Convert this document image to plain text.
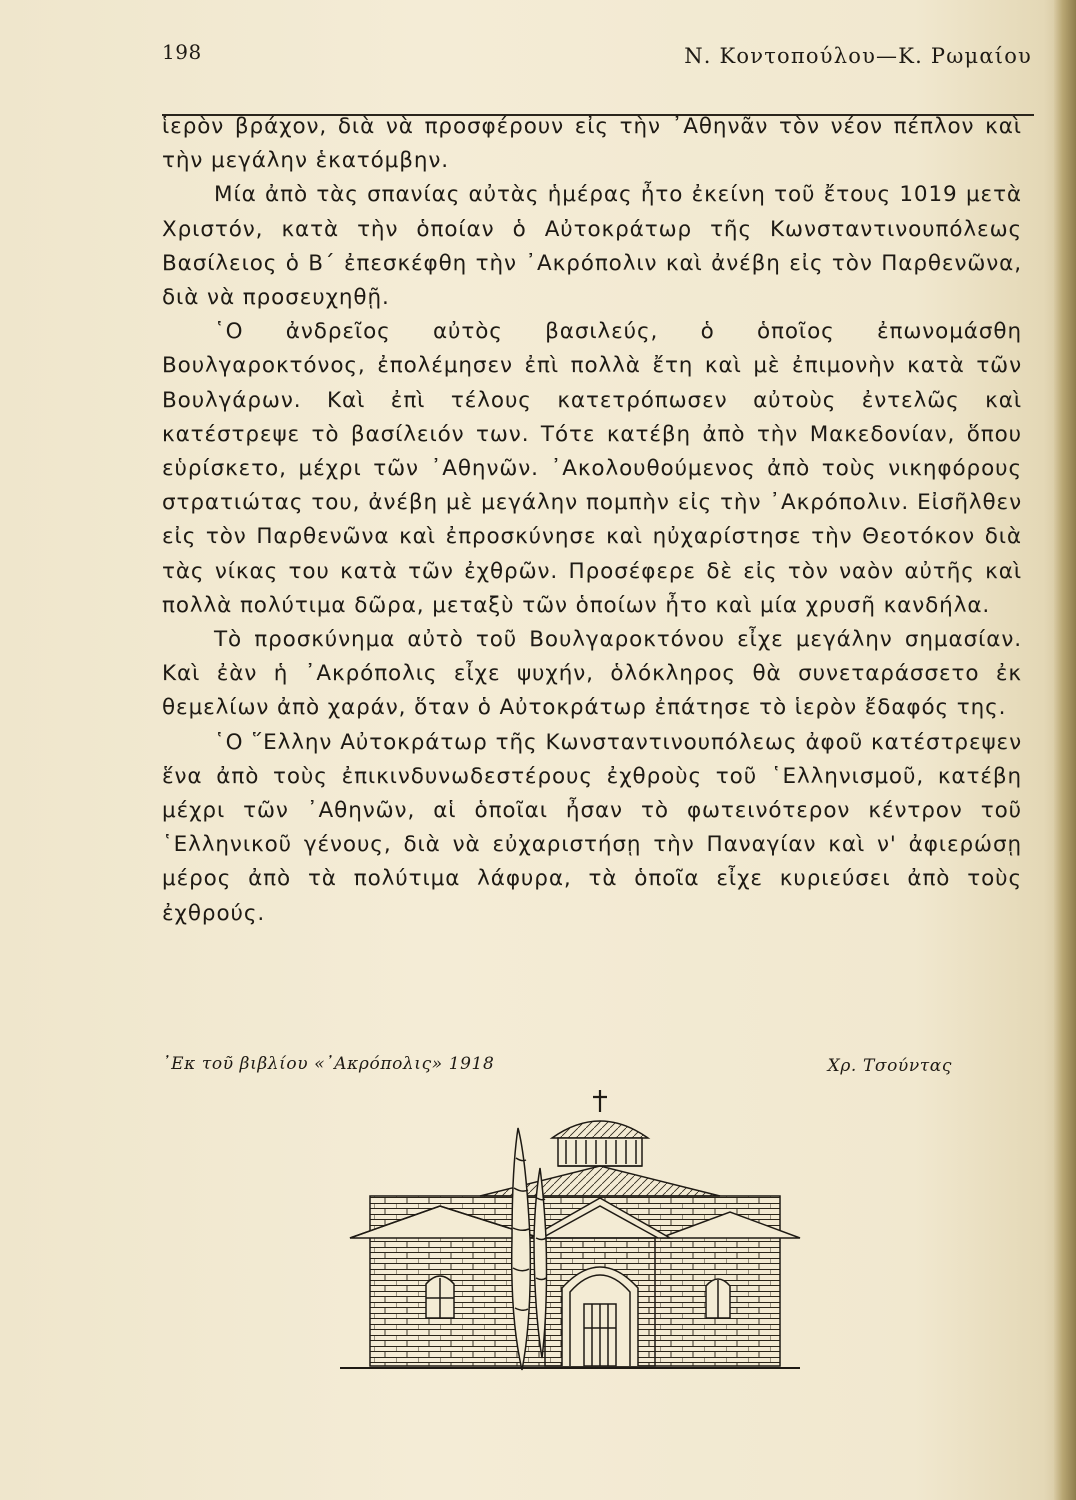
198	Ν. Κοντοπούλου—Κ. Ρωμαίου

ἱερὸν βράχον, διὰ νὰ προσφέρουν εἰς τὴν ᾿Αθηνᾶν τὸν νέον πέπλον καὶ τὴν μεγάλην ἑκατόμβην.

Μία ἀπὸ τὰς σπανίας αὐτὰς ἡμέρας ἦτο ἐκείνη τοῦ ἔτους 1019 μετὰ Χριστόν, κατὰ τὴν ὁποίαν ὁ Αὐτοκράτωρ τῆς Κωνσταντινουπόλεως Βασίλειος ὁ Β΄ ἐπεσκέφθη τὴν ᾿Ακρόπολιν καὶ ἀνέβη εἰς τὸν Παρθενῶνα, διὰ νὰ προσευχηθῇ.

῾Ο ἀνδρεῖος αὐτὸς βασιλεύς, ὁ ὁποῖος ἐπωνομάσθη Βουλγαροκτόνος, ἐπολέμησεν ἐπὶ πολλὰ ἔτη καὶ μὲ ἐπιμονὴν κατὰ τῶν Βουλγάρων. Καὶ ἐπὶ τέλους κατετρόπωσεν αὐτοὺς ἐντελῶς καὶ κατέστρεψε τὸ βασίλειόν των. Τότε κατέβη ἀπὸ τὴν Μακεδονίαν, ὅπου εὑρίσκετο, μέχρι τῶν ᾿Αθηνῶν. ᾿Ακολουθούμενος ἀπὸ τοὺς νικηφόρους στρατιώτας του, ἀνέβη μὲ μεγάλην πομπὴν εἰς τὴν ᾿Ακρόπολιν. Εἰσῆλθεν εἰς τὸν Παρθενῶνα καὶ ἐπροσκύνησε καὶ ηὐχαρίστησε τὴν Θεοτόκον διὰ τὰς νίκας του κατὰ τῶν ἐχθρῶν. Προσέφερε δὲ εἰς τὸν ναὸν αὐτῆς καὶ πολλὰ πολύτιμα δῶρα, μεταξὺ τῶν ὁποίων ἦτο καὶ μία χρυσῆ κανδήλα.

Τὸ προσκύνημα αὐτὸ τοῦ Βουλγαροκτόνου εἶχε μεγάλην σημασίαν. Καὶ ἐὰν ἡ ᾿Ακρόπολις εἶχε ψυχήν, ὁλόκληρος θὰ συνεταράσσετο ἐκ θεμελίων ἀπὸ χαράν, ὅταν ὁ Αὐτοκράτωρ ἐπάτησε τὸ ἱερὸν ἔδαφός της.

῾Ο ῞Ελλην Αὐτοκράτωρ τῆς Κωνσταντινουπόλεως ἀφοῦ κατέστρεψεν ἕνα ἀπὸ τοὺς ἐπικινδυνωδεστέρους ἐχθροὺς τοῦ ῾Ελληνισμοῦ, κατέβη μέχρι τῶν ᾿Αθηνῶν, αἱ ὁποῖαι ἦσαν τὸ φωτεινότερον κέντρον τοῦ ῾Ελληνικοῦ γένους, διὰ νὰ εὐχαριστήσῃ τὴν Παναγίαν καὶ ν' ἀφιερώσῃ μέρος ἀπὸ τὰ πολύτιμα λάφυρα, τὰ ὁποῖα εἶχε κυριεύσει ἀπὸ τοὺς ἐχθρούς.

᾿Εκ τοῦ βιβλίου «᾿Ακρόπολις» 1918	Χρ. Τσούντας
